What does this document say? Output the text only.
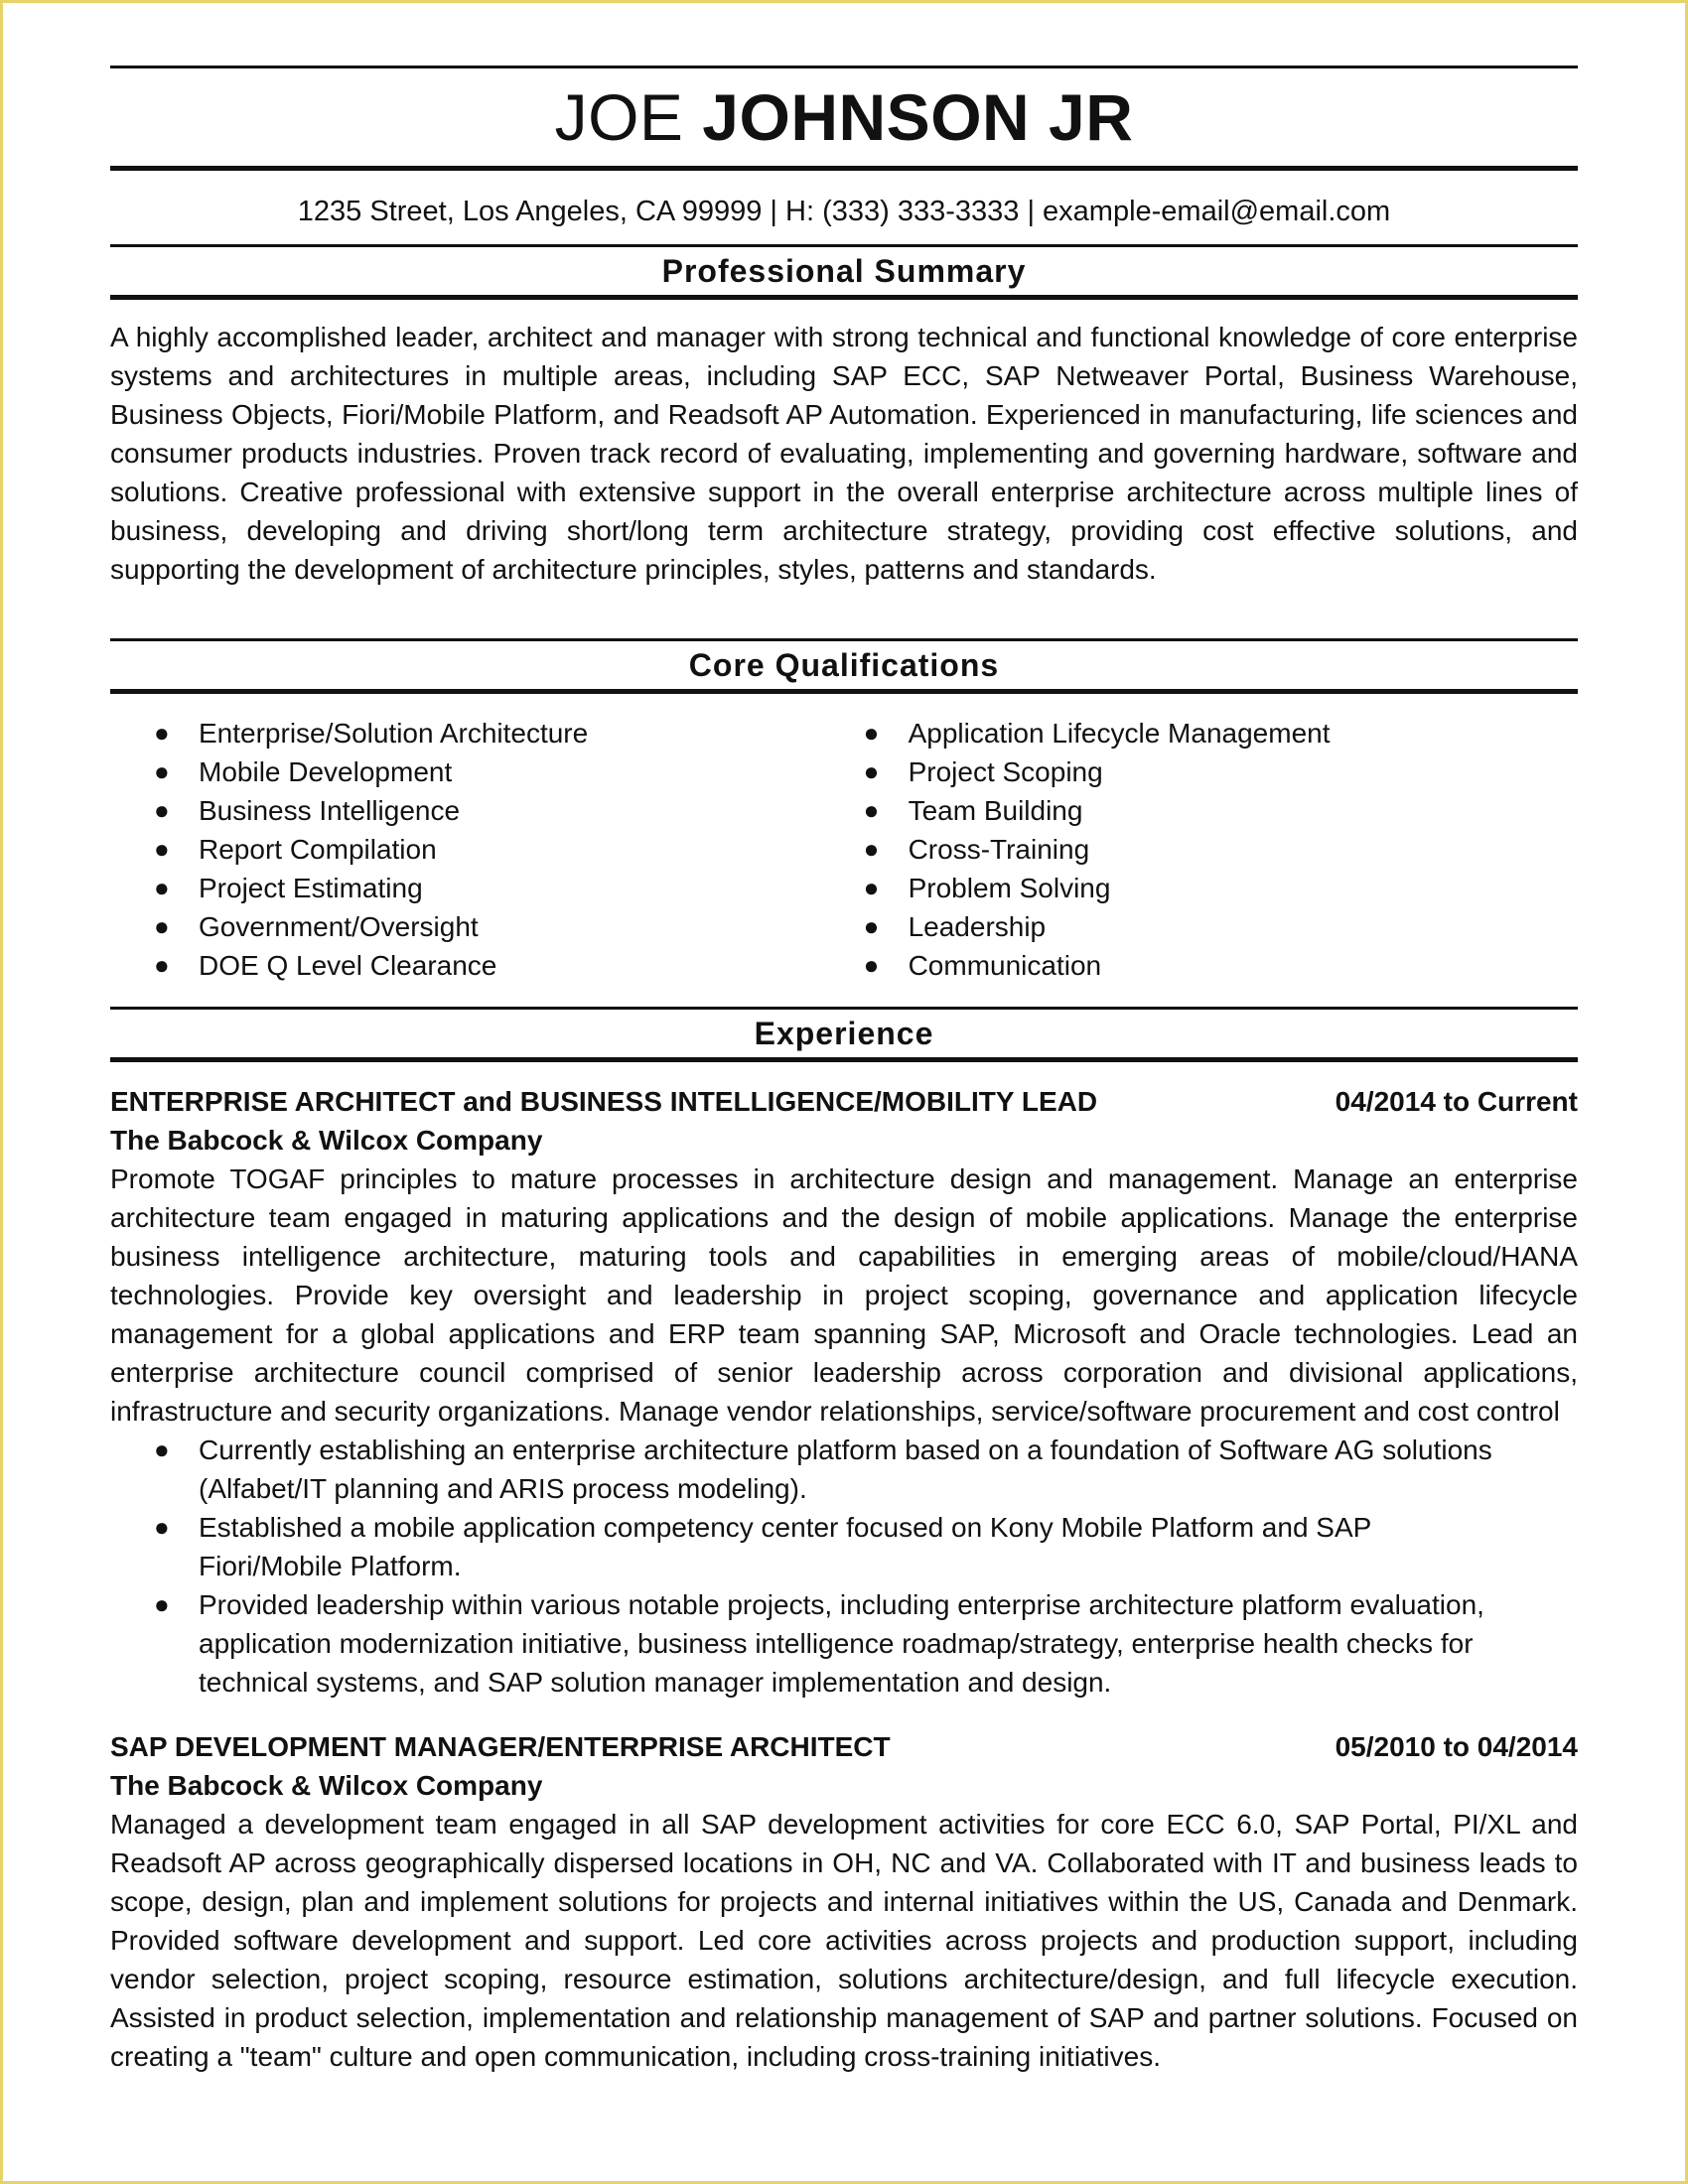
JOE JOHNSON JR
1235 Street, Los Angeles, CA 99999 | H: (333) 333-3333 | example-email@email.com
Professional Summary

A highly accomplished leader, architect and manager with strong technical and functional knowledge of core enterprise systems and architectures in multiple areas, including SAP ECC, SAP Netweaver Portal, Business Warehouse, Business Objects, Fiori/Mobile Platform, and Readsoft AP Automation. Experienced in manufacturing, life sciences and consumer products industries. Proven track record of evaluating, implementing and governing hardware, software and solutions. Creative professional with extensive support in the overall enterprise architecture across multiple lines of business, developing and driving short/long term architecture strategy, providing cost effective solutions, and supporting the development of architecture principles, styles, patterns and standards.

Core Qualifications
● Enterprise/Solution Architecture
● Mobile Development
● Business Intelligence
● Report Compilation
● Project Estimating
● Government/Oversight
● DOE Q Level Clearance
● Application Lifecycle Management
● Project Scoping
● Team Building
● Cross-Training
● Problem Solving
● Leadership
● Communication
Experience
ENTERPRISE ARCHITECT and BUSINESS INTELLIGENCE/MOBILITY LEAD	04/2014 to Current
The Babcock & Wilcox Company

Promote TOGAF principles to mature processes in architecture design and management. Manage an enterprise architecture team engaged in maturing applications and the design of mobile applications. Manage the enterprise business intelligence architecture, maturing tools and capabilities in emerging areas of mobile/cloud/HANA technologies. Provide key oversight and leadership in project scoping, governance and application lifecycle management for a global applications and ERP team spanning SAP, Microsoft and Oracle technologies. Lead an enterprise architecture council comprised of senior leadership across corporation and divisional applications, infrastructure and security organizations. Manage vendor relationships, service/software procurement and cost control

● Currently establishing an enterprise architecture platform based on a foundation of Software AG solutions (Alfabet/IT planning and ARIS process modeling).
● Established a mobile application competency center focused on Kony Mobile Platform and SAP Fiori/Mobile Platform.
● Provided leadership within various notable projects, including enterprise architecture platform evaluation, application modernization initiative, business intelligence roadmap/strategy, enterprise health checks for technical systems, and SAP solution manager implementation and design.
SAP DEVELOPMENT MANAGER/ENTERPRISE ARCHITECT	05/2010 to 04/2014
The Babcock & Wilcox Company

Managed a development team engaged in all SAP development activities for core ECC 6.0, SAP Portal, PI/XL and Readsoft AP across geographically dispersed locations in OH, NC and VA. Collaborated with IT and business leads to scope, design, plan and implement solutions for projects and internal initiatives within the US, Canada and Denmark. Provided software development and support. Led core activities across projects and production support, including vendor selection, project scoping, resource estimation, solutions architecture/design, and full lifecycle execution. Assisted in product selection, implementation and relationship management of SAP and partner solutions. Focused on creating a "team" culture and open communication, including cross-training initiatives.
